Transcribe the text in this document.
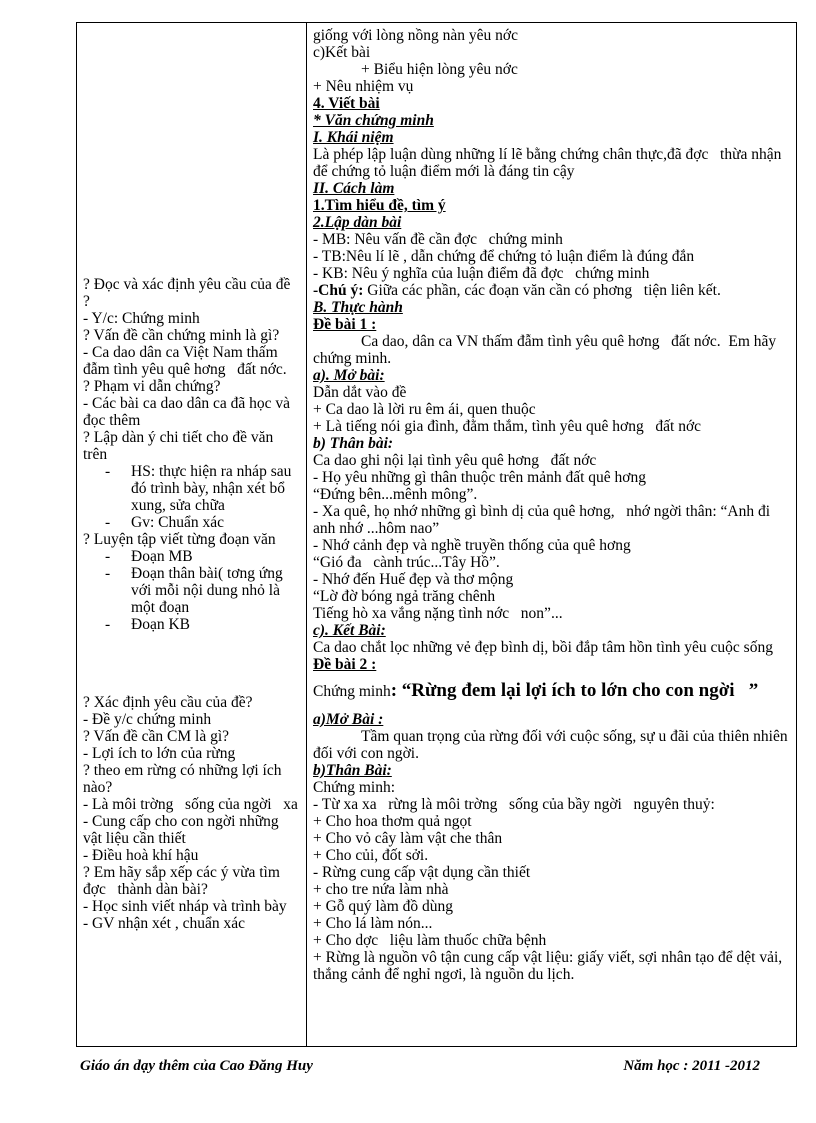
? Đọc và xác định yêu cầu của đề ?

- Y/c: Chứng minh

? Vấn đề cần chứng minh là gì?

- Ca dao dân ca Việt Nam thấm đẫm tình yêu quê hơng   đất nớc.

? Phạm vi dẫn chứng?

- Các bài ca dao dân ca đã học và đọc thêm

? Lập dàn ý chi tiết cho đề văn trên

-	HS: thực hiện ra nháp sau đó trình bày, nhận xét bổ xung, sửa chữa
-	Gv: Chuẩn xác

? Luyện tập viết từng đoạn văn

-	Đoạn MB
-	Đoạn thân bài( tơng ứng với mỗi nội dung nhỏ là một đoạn
-	Đoạn KB

? Xác định yêu cầu của đề?

- Đề y/c chứng minh

? Vấn đề cần CM là gì?

- Lợi ích to lớn của rừng

? theo em rừng có những lợi ích nào?

- Là môi trờng   sống của ngời   xa

- Cung cấp cho con ngời những vật liệu cần thiết

- Điều hoà khí hậu

? Em hãy sắp xếp các ý vừa tìm đợc   thành dàn bài?

- Học sinh viết nháp và trình bày

- GV nhận xét , chuẩn xác

giống với lòng nồng nàn yêu nớc

c)Kết bài

+ Biểu hiện lòng yêu nớc

+ Nêu nhiệm vụ

4. Viết bài

* Văn chứng minh

I. Khái niệm

Là phép lập luận dùng những lí lẽ bằng chứng chân thực,đã đợc   thừa nhận để chứng tỏ luận điểm mới là đáng tin cậy

II. Cách làm

1.Tìm hiểu đề, tìm ý

2.Lập dàn bài

- MB: Nêu vấn đề cần đợc   chứng minh

- TB:Nêu lí lẽ , dẫn chứng để chứng tỏ luận điểm là đúng đắn

- KB: Nêu ý nghĩa của luận điểm đã đợc   chứng minh

-Chú ý: Giữa các phần, các đoạn văn cần có phơng   tiện liên kết.

B. Thực hành

Đề bài 1 :

Ca dao, dân ca VN thấm đẫm tình yêu quê hơng   đất nớc.  Em hãy chứng minh.

a). Mở bài:

Dẫn dắt vào đề

+ Ca dao là lời ru êm ái, quen thuộc

+ Là tiếng nói gia đình, đằm thắm, tình yêu quê hơng   đất nớc

b) Thân bài:

Ca dao ghi nội lại tình yêu quê hơng   đất nớc

- Họ yêu những gì thân thuộc trên mảnh đất quê hơng

“Đứng bên...mênh mông”.

- Xa quê, họ nhớ những gì bình dị của quê hơng,   nhớ ngời thân: “Anh đi anh nhớ ...hôm nao”

- Nhớ cảnh đẹp và nghề truyền thống của quê hơng

“Gió đa   cành trúc...Tây Hồ”.

- Nhớ đến Huế đẹp và thơ mộng

“Lờ đờ bóng ngả trăng chênh

Tiếng hò xa vắng nặng tình nớc   non”...

c). Kết Bài:

Ca dao chắt lọc những vẻ đẹp bình dị, bồi đắp tâm hồn tình yêu cuộc sống

Đề bài 2 :

Chứng minh: “Rừng đem lại lợi ích to lớn cho con ngời   ”

a)Mở Bài :

Tầm quan trọng của rừng đối với cuộc sống, sự u đãi của thiên nhiên đối với con ngời.

b)Thân Bài:

Chứng minh:

- Từ xa xa   rừng là môi trờng   sống của bầy ngời   nguyên thuỷ:

+ Cho hoa thơm quả ngọt

+ Cho vỏ cây làm vật che thân

+ Cho củi, đốt sởi.

- Rừng cung cấp vật dụng cần thiết

+ cho tre nứa làm nhà

+ Gỗ quý làm đồ dùng

+ Cho lá làm nón...

+ Cho dợc   liệu làm thuốc chữa bệnh

+ Rừng là nguồn vô tận cung cấp vật liệu: giấy viết, sợi nhân tạo để dệt vải, thắng cảnh để nghỉ ngơi, là nguồn du lịch.

Giáo án dạy thêm của Cao Đăng Huy	Năm học : 2011 -2012
